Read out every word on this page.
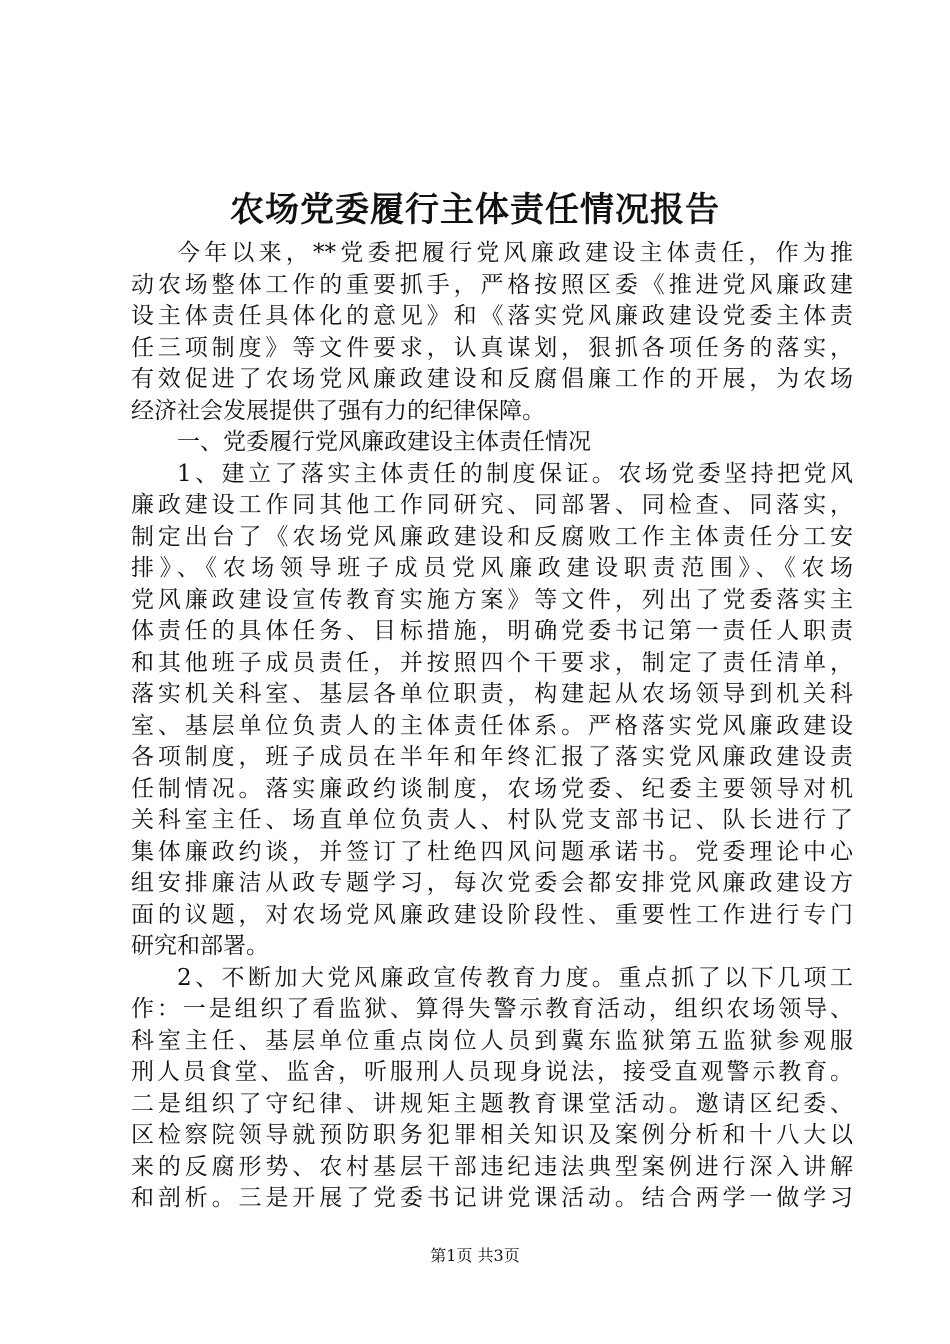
农场党委履行主体责任情况报告
今年以来，**党委把履行党风廉政建设主体责任，作为推
动农场整体工作的重要抓手，严格按照区委《推进党风廉政建
设主体责任具体化的意见》和《落实党风廉政建设党委主体责
任三项制度》等文件要求，认真谋划，狠抓各项任务的落实，
有效促进了农场党风廉政建设和反腐倡廉工作的开展，为农场
经济社会发展提供了强有力的纪律保障。
一、党委履行党风廉政建设主体责任情况
1、建立了落实主体责任的制度保证。农场党委坚持把党风
廉政建设工作同其他工作同研究、同部署、同检查、同落实，
制定出台了《农场党风廉政建设和反腐败工作主体责任分工安
排》、《农场领导班子成员党风廉政建设职责范围》、《农场
党风廉政建设宣传教育实施方案》等文件，列出了党委落实主
体责任的具体任务、目标措施，明确党委书记第一责任人职责
和其他班子成员责任，并按照四个干要求，制定了责任清单，
落实机关科室、基层各单位职责，构建起从农场领导到机关科
室、基层单位负责人的主体责任体系。严格落实党风廉政建设
各项制度，班子成员在半年和年终汇报了落实党风廉政建设责
任制情况。落实廉政约谈制度，农场党委、纪委主要领导对机
关科室主任、场直单位负责人、村队党支部书记、队长进行了
集体廉政约谈，并签订了杜绝四风问题承诺书。党委理论中心
组安排廉洁从政专题学习，每次党委会都安排党风廉政建设方
面的议题，对农场党风廉政建设阶段性、重要性工作进行专门
研究和部署。
2、不断加大党风廉政宣传教育力度。重点抓了以下几项工
作：一是组织了看监狱、算得失警示教育活动，组织农场领导、
科室主任、基层单位重点岗位人员到冀东监狱第五监狱参观服
刑人员食堂、监舍，听服刑人员现身说法，接受直观警示教育。
二是组织了守纪律、讲规矩主题教育课堂活动。邀请区纪委、
区检察院领导就预防职务犯罪相关知识及案例分析和十八大以
来的反腐形势、农村基层干部违纪违法典型案例进行深入讲解
和剖析。三是开展了党委书记讲党课活动。结合两学一做学习
第1页 共3页
